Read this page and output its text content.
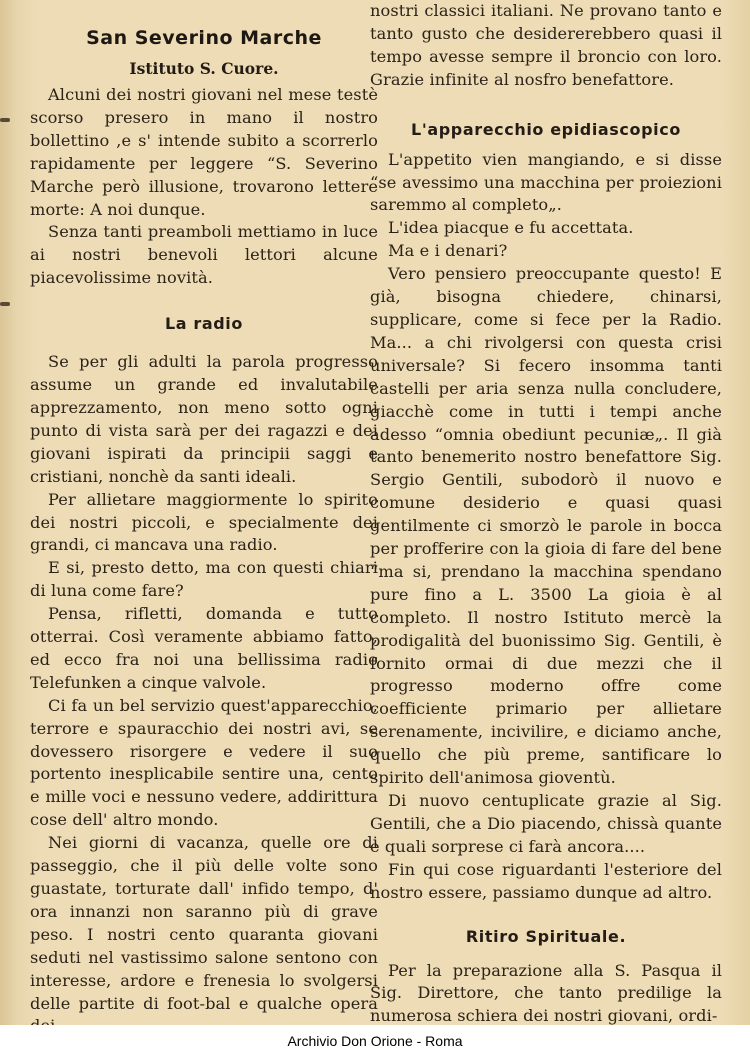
San Severino Marche
Istituto S. Cuore.

Alcuni dei nostri giovani nel mese testè scorso presero in mano il nostro bollettino ,e s' intende subito a scorrerlo rapidamente per leggere “S. Severino Marche però illusione, trovarono lettere morte: A noi dunque.

Senza tanti preamboli mettiamo in luce ai nostri benevoli lettori alcune piacevolissime novità.

La radio

Se per gli adulti la parola progresso assume un grande ed invalutabile apprezzamento, non meno sotto ogni punto di vista sarà per dei ragazzi e dei giovani ispirati da principii saggi e cristiani, nonchè da santi ideali.

Per allietare maggiormente lo spirito dei nostri piccoli, e specialmente dei grandi, ci mancava una radio.

E si, presto detto, ma con questi chiari di luna come fare?

Pensa, rifletti, domanda e tutto otterrai. Così veramente abbiamo fatto, ed ecco fra noi una bellissima radio Telefunken a cinque valvole.

Ci fa un bel servizio quest'apparecchio, terrore e spauracchio dei nostri avi, se dovessero risorgere e vedere il suo portento inesplicabile sentire una, cento e mille voci e nessuno vedere, addirittura cose dell' altro mondo.

Nei giorni di vacanza, quelle ore di passeggio, che il più delle volte sono guastate, torturate dall' infido tempo, d' ora innanzi non saranno più di grave peso. I nostri cento quaranta giovani seduti nel vastissimo salone sentono con interesse, ardore e frenesia lo svolgersi delle partite di foot-bal e qualche opera

nostri classici italiani. Ne provano tanto e tanto gusto che desidererebbero quasi il tempo avesse sempre il broncio con loro. Grazie infinite al nosfro benefattore.

L'apparecchio epidiascopico

L'appetito vien mangiando, e si disse “se avessimo una macchina per proiezioni saremmo al completo„.

L'idea piacque e fu accettata.

Ma e i denari?

Vero pensiero preoccupante questo! E già, bisogna chiedere, chinarsi, supplicare, come si fece per la Radio. Ma... a chi rivolgersi con questa crisi universale? Si fecero insomma tanti castelli per aria senza nulla concludere, giacchè come in tutti i tempi anche adesso “omnia obediunt pecuniæ„. Il già tanto benemerito nostro benefattore Sig. Sergio Gentili, subodorò il nuovo e comune desiderio e quasi quasi gentilmente ci smorzò le parole in bocca per profferire con la gioia di fare del bene “ma si, prendano la macchina spendano pure fino a L. 3500 La gioia è al completo. Il nostro Istituto mercè la prodigalità del buonissimo Sig. Gentili, è fornito ormai di due mezzi che il progresso moderno offre come coefficiente primario per allietare serenamente, incivilire, e diciamo anche, quello che più preme, santificare lo spirito dell'animosa gioventù.

Di nuovo centuplicate grazie al Sig. Gentili, che a Dio piacendo, chissà quante e quali sorprese ci farà ancora....

Fin qui cose riguardanti l'esteriore del nostro essere, passiamo dunque ad altro.

Ritiro Spirituale.

Per la preparazione alla S. Pasqua il Sig. Direttore, che tanto predilige la numerosa schiera dei nostri giovani, ordi-

Archivio Don Orione - Roma
